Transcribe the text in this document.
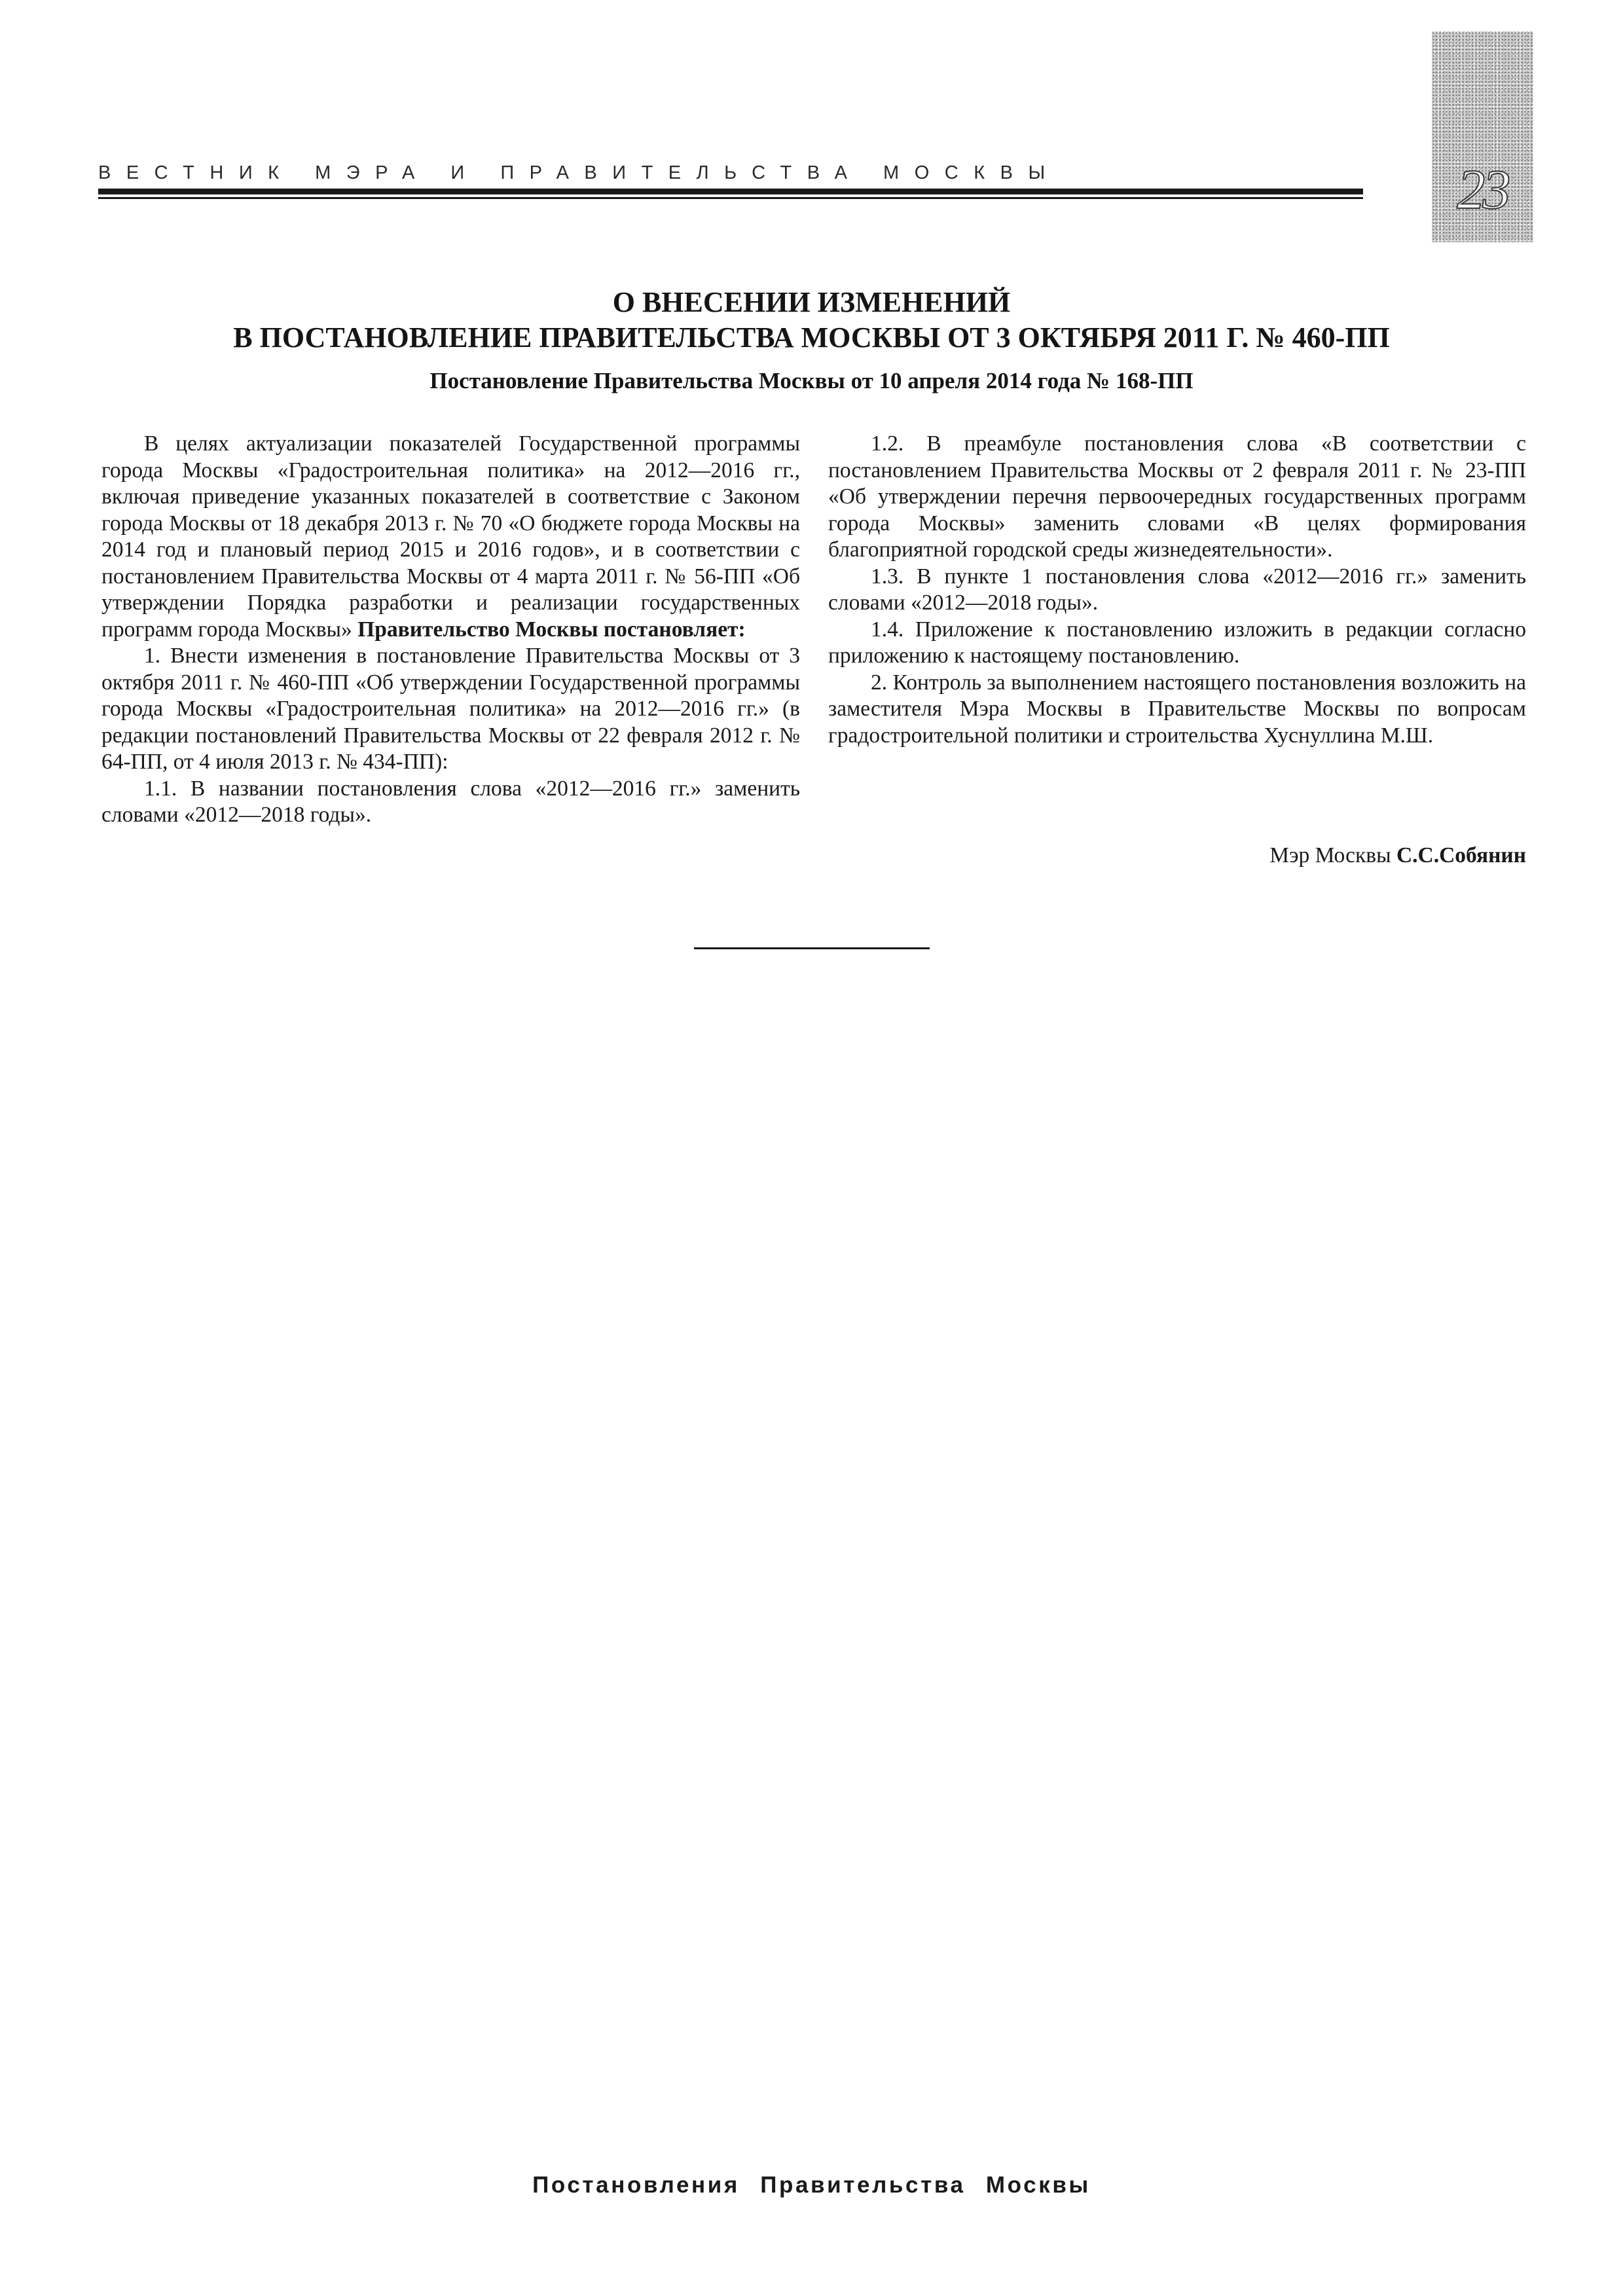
ВЕСТНИК МЭРА И ПРАВИТЕЛЬСТВА МОСКВЫ	23
О ВНЕСЕНИИ ИЗМЕНЕНИЙ
В ПОСТАНОВЛЕНИЕ ПРАВИТЕЛЬСТВА МОСКВЫ ОТ 3 ОКТЯБРЯ 2011 Г. № 460-ПП
Постановление Правительства Москвы от 10 апреля 2014 года № 168-ПП

В целях актуализации показателей Государственной программы города Москвы «Градостроительная политика» на 2012—2016 гг., включая приведение указанных показателей в соответствие с Законом города Москвы от 18 декабря 2013 г. № 70 «О бюджете города Москвы на 2014 год и плановый период 2015 и 2016 годов», и в соответствии с постановлением Правительства Москвы от 4 марта 2011 г. № 56-ПП «Об утверждении Порядка разработки и реализации государственных программ города Москвы» Правительство Москвы постановляет:

1. Внести изменения в постановление Правительства Москвы от 3 октября 2011 г. № 460-ПП «Об утверждении Государственной программы города Москвы «Градостроительная политика» на 2012—2016 гг.» (в редакции постановлений Правительства Москвы от 22 февраля 2012 г. № 64-ПП, от 4 июля 2013 г. № 434-ПП):

1.1. В названии постановления слова «2012—2016 гг.» заменить словами «2012—2018 годы».

1.2. В преамбуле постановления слова «В соответствии с постановлением Правительства Москвы от 2 февраля 2011 г. № 23-ПП «Об утверждении перечня первоочередных государственных программ города Москвы» заменить словами «В целях формирования благоприятной городской среды жизнедеятельности».

1.3. В пункте 1 постановления слова «2012—2016 гг.» заменить словами «2012—2018 годы».

1.4. Приложение к постановлению изложить в редакции согласно приложению к настоящему постановлению.

2. Контроль за выполнением настоящего постановления возложить на заместителя Мэра Москвы в Правительстве Москвы по вопросам градостроительной политики и строительства Хуснуллина М.Ш.

Мэр Москвы С.С.Собянин
Постановления Правительства Москвы
